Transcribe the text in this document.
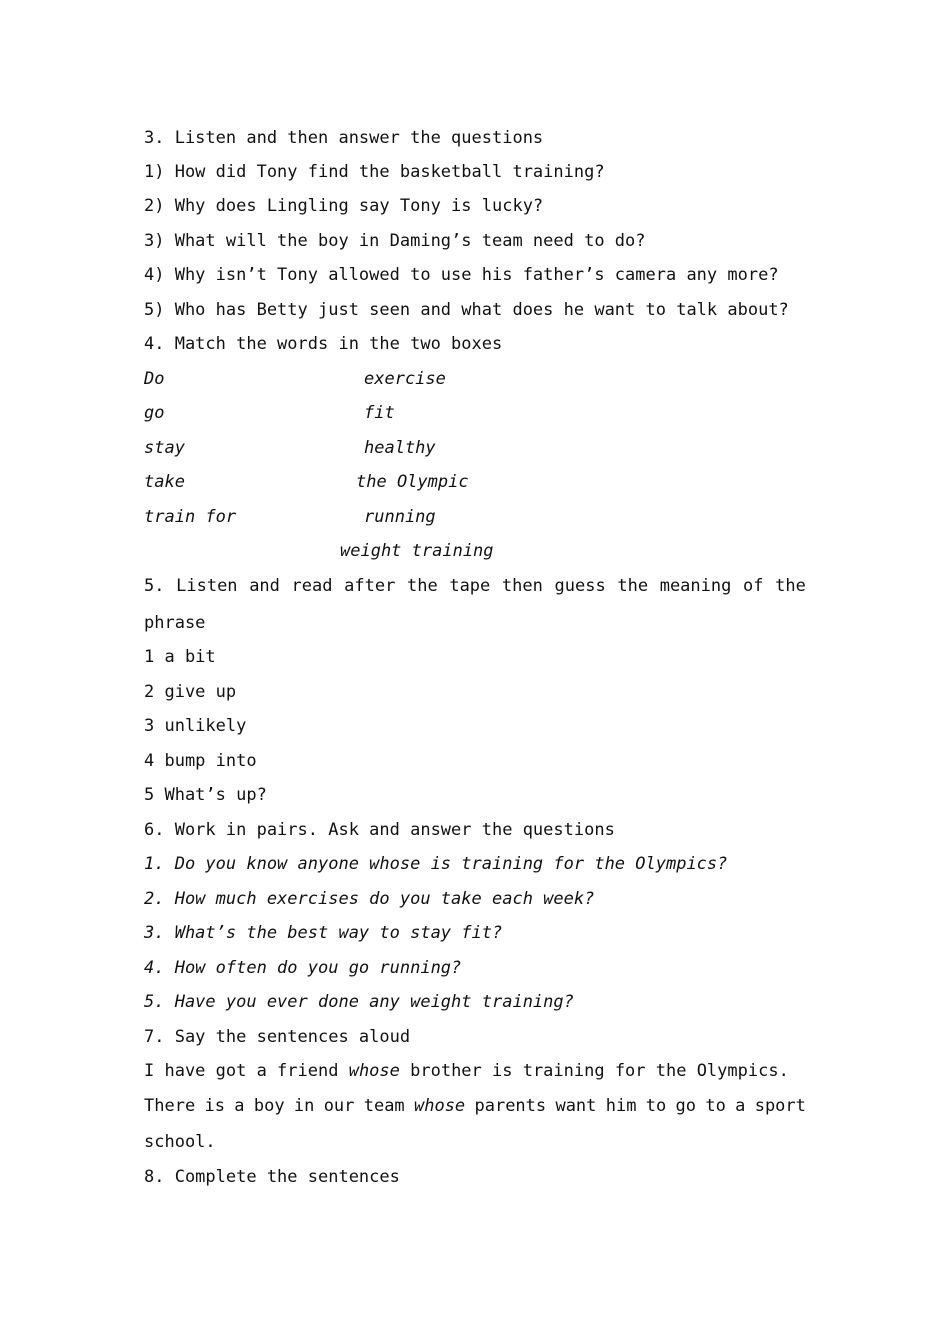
3. Listen and then answer the questions
1) How did Tony find the basketball training?
2) Why does Lingling say Tony is lucky?
3) What will the boy in Daming’s team need to do?
4) Why isn’t Tony allowed to use his father’s camera any more?
5) Who has Betty just seen and what does he want to talk about?
4. Match the words in the two boxes
Do
go
stay
take
train for
exercise
fit
healthy
the Olympic
running
weight training
5. Listen and read after the tape then guess the meaning of the
phrase
1 a bit
2 give up
3 unlikely
4 bump into
5 What’s up?
6. Work in pairs. Ask and answer the questions
1. Do you know anyone whose is training for the Olympics?
2. How much exercises do you take each week?
3. What’s the best way to stay fit?
4. How often do you go running?
5. Have you ever done any weight training?
7. Say the sentences aloud
I have got a friend whose brother is training for the Olympics.
There is a boy in our team whose parents want him to go to a sport
school.
8. Complete the sentences
